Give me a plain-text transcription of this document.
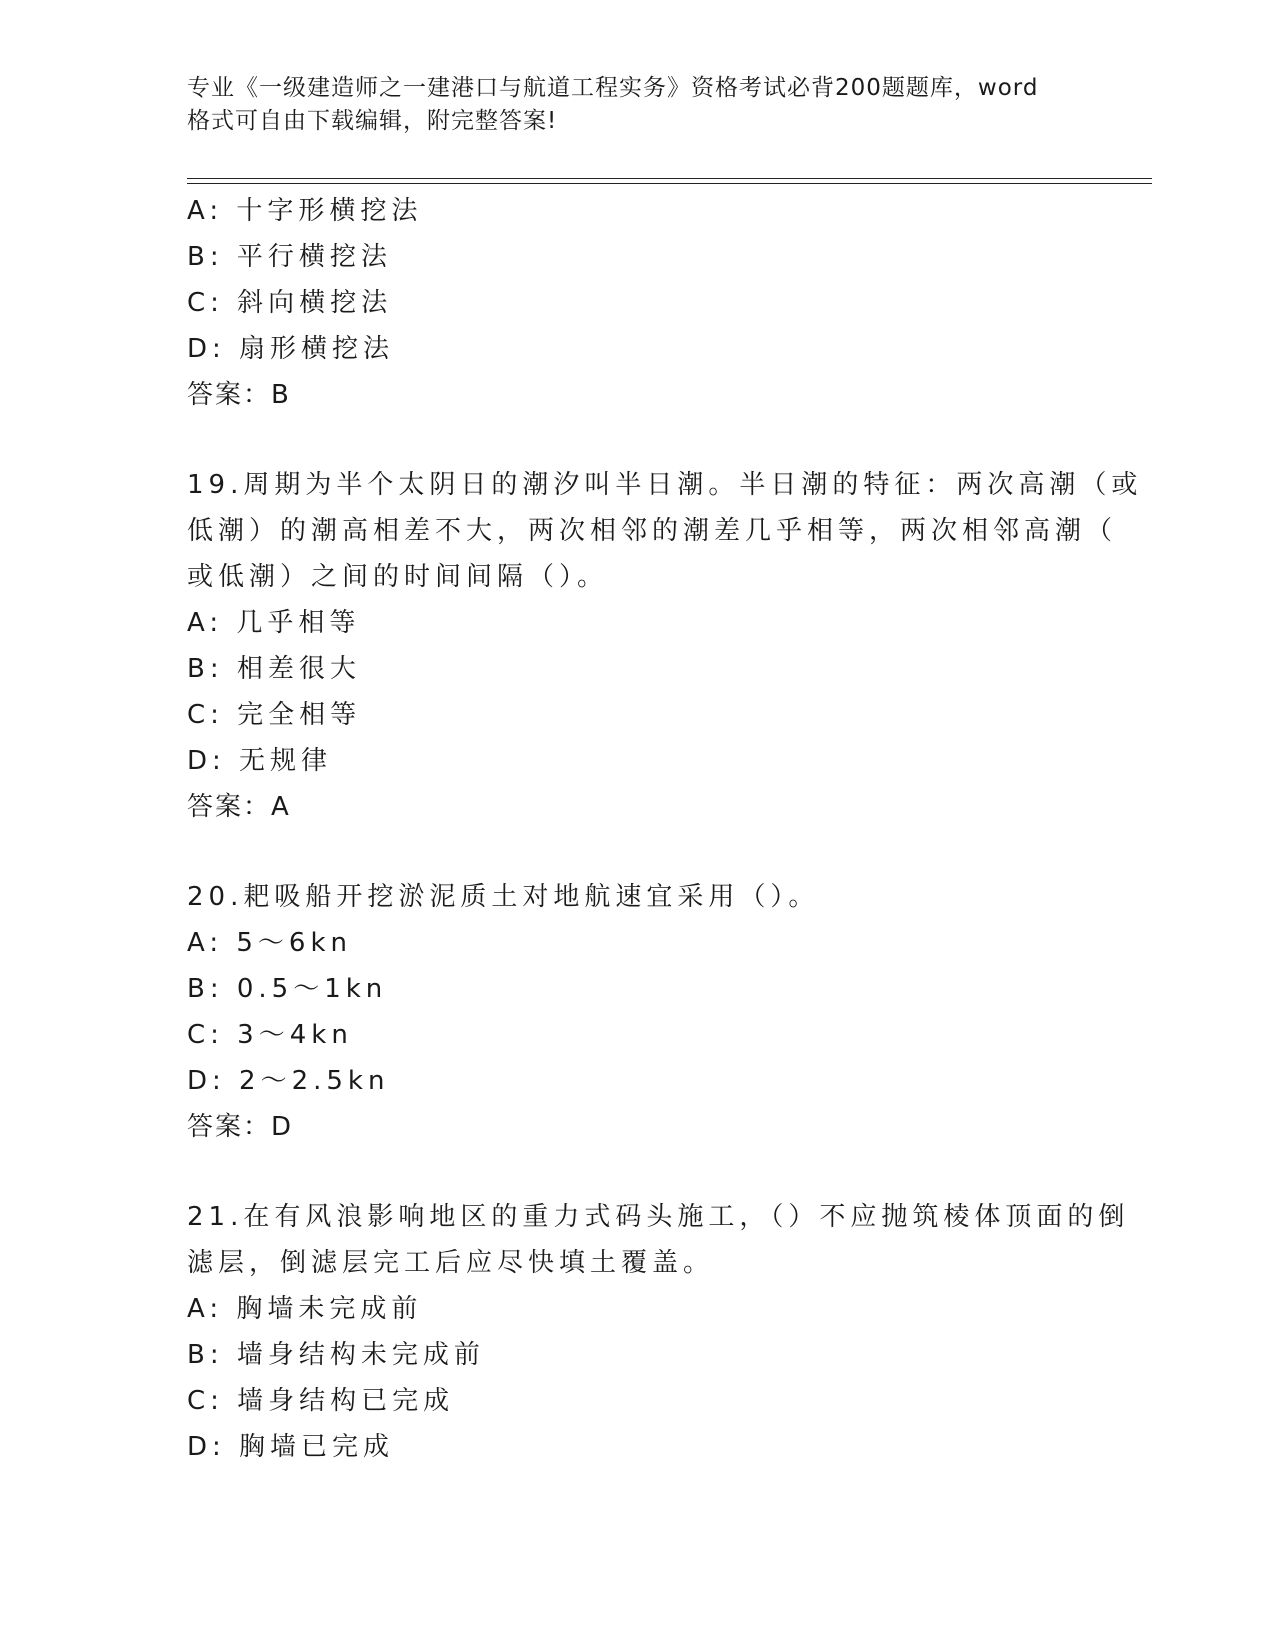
专业《一级建造师之一建港口与航道工程实务》资格考试必背200题题库，word
格式可自由下载编辑，附完整答案!
A: 十字形横挖法
B: 平行横挖法
C: 斜向横挖法
D: 扇形横挖法
答案：B
19.周期为半个太阴日的潮汐叫半日潮。半日潮的特征：两次高潮（或
低潮）的潮高相差不大，两次相邻的潮差几乎相等，两次相邻高潮（
或低潮）之间的时间间隔（）。
A: 几乎相等
B: 相差很大
C: 完全相等
D: 无规律
答案：A
20.耙吸船开挖淤泥质土对地航速宜采用（）。
A: 5～6kn
B: 0.5～1kn
C: 3～4kn
D: 2～2.5kn
答案：D
21.在有风浪影响地区的重力式码头施工，（）不应抛筑棱体顶面的倒
滤层，倒滤层完工后应尽快填土覆盖。
A: 胸墙未完成前
B: 墙身结构未完成前
C: 墙身结构已完成
D: 胸墙已完成
